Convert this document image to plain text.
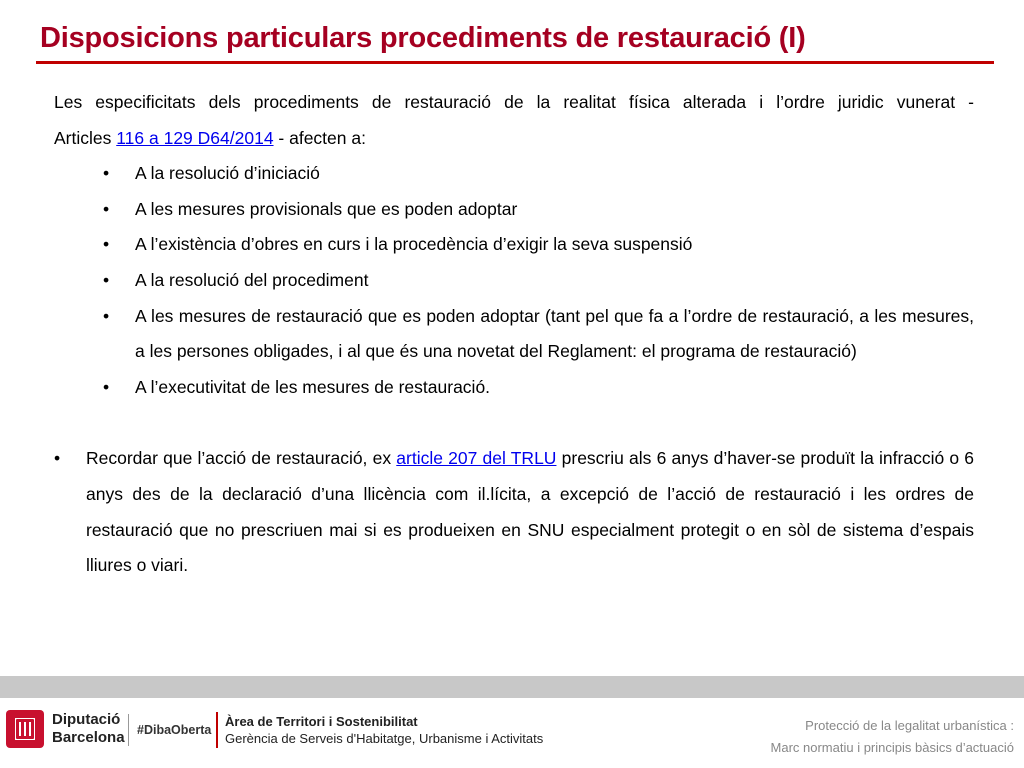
Disposicions particulars procediments de restauració (I)

Les especificitats dels procediments de restauració de la realitat física alterada i l’ordre juridic vunerat -
Articles 116 a 129 D64/2014 - afecten a:

• A la resolució d’iniciació
• A les mesures provisionals que es poden adoptar
• A l’existència d’obres en curs i la procedència d’exigir la seva suspensió
• A la resolució del procediment
• A les mesures de restauració que es poden adoptar (tant pel que fa a l’ordre de restauració, a les mesures, a les persones obligades, i al que és una novetat del Reglament: el programa de restauració)
• A l’executivitat de les mesures de restauració.
• Recordar que l’acció de restauració, ex article 207 del TRLU prescriu als 6 anys d’haver-se produït la infracció o 6 anys des de la declaració d’una llicència com il.lícita, a excepció de l’acció de restauració i les ordres de restauració que no prescriuen mai si es produeixen en SNU especialment protegit o en sòl de sistema d’espais lliures o viari.
Diputació
Barcelona #DibaOberta
Àrea de Territori i Sostenibilitat
Gerència de Serveis d'Habitatge, Urbanisme i Activitats
Protecció de la legalitat urbanística :
Marc normatiu i principis bàsics d’actuació
